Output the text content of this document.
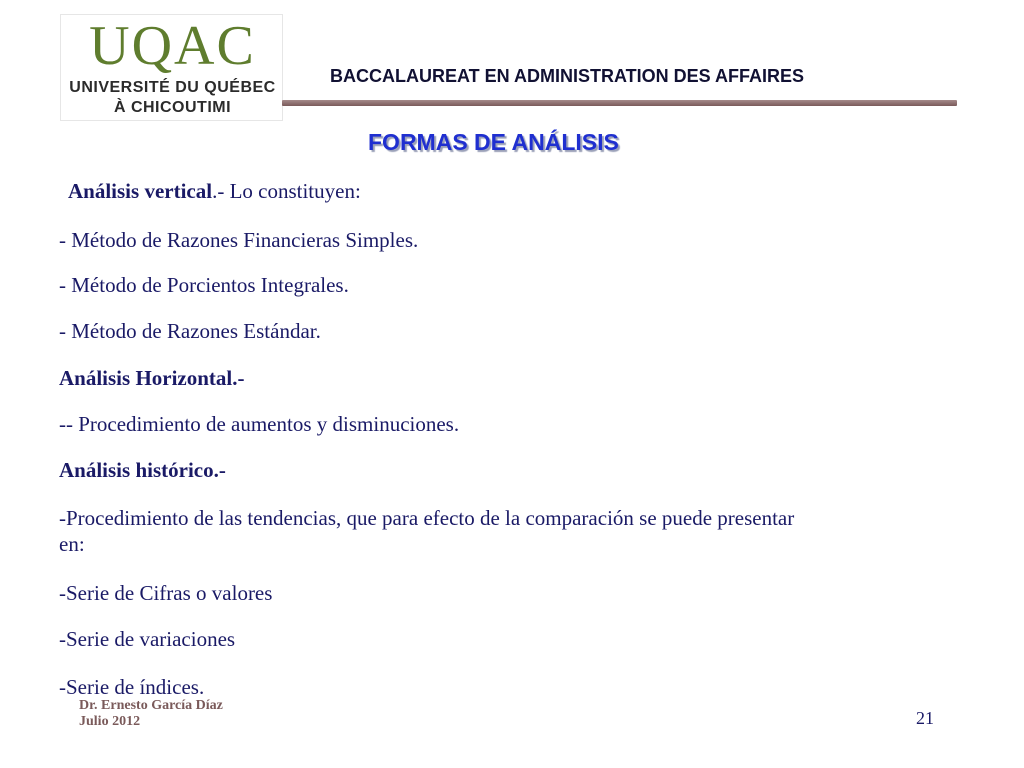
UQAC
UNIVERSITÉ DU QUÉBEC
À CHICOUTIMI
BACCALAUREAT EN ADMINISTRATION DES AFFAIRES
FORMAS DE ANÁLISIS
Análisis vertical.- Lo constituyen:
- Método de Razones Financieras Simples.
- Método de Porcientos Integrales.
- Método de Razones Estándar.
Análisis Horizontal.-
-- Procedimiento de aumentos y disminuciones.
Análisis histórico.-
-Procedimiento de las tendencias, que para efecto de la comparación se puede presentar
en:
-Serie de Cifras o valores
-Serie de variaciones
-Serie de índices.
Dr. Ernesto García Díaz
Julio 2012	21
